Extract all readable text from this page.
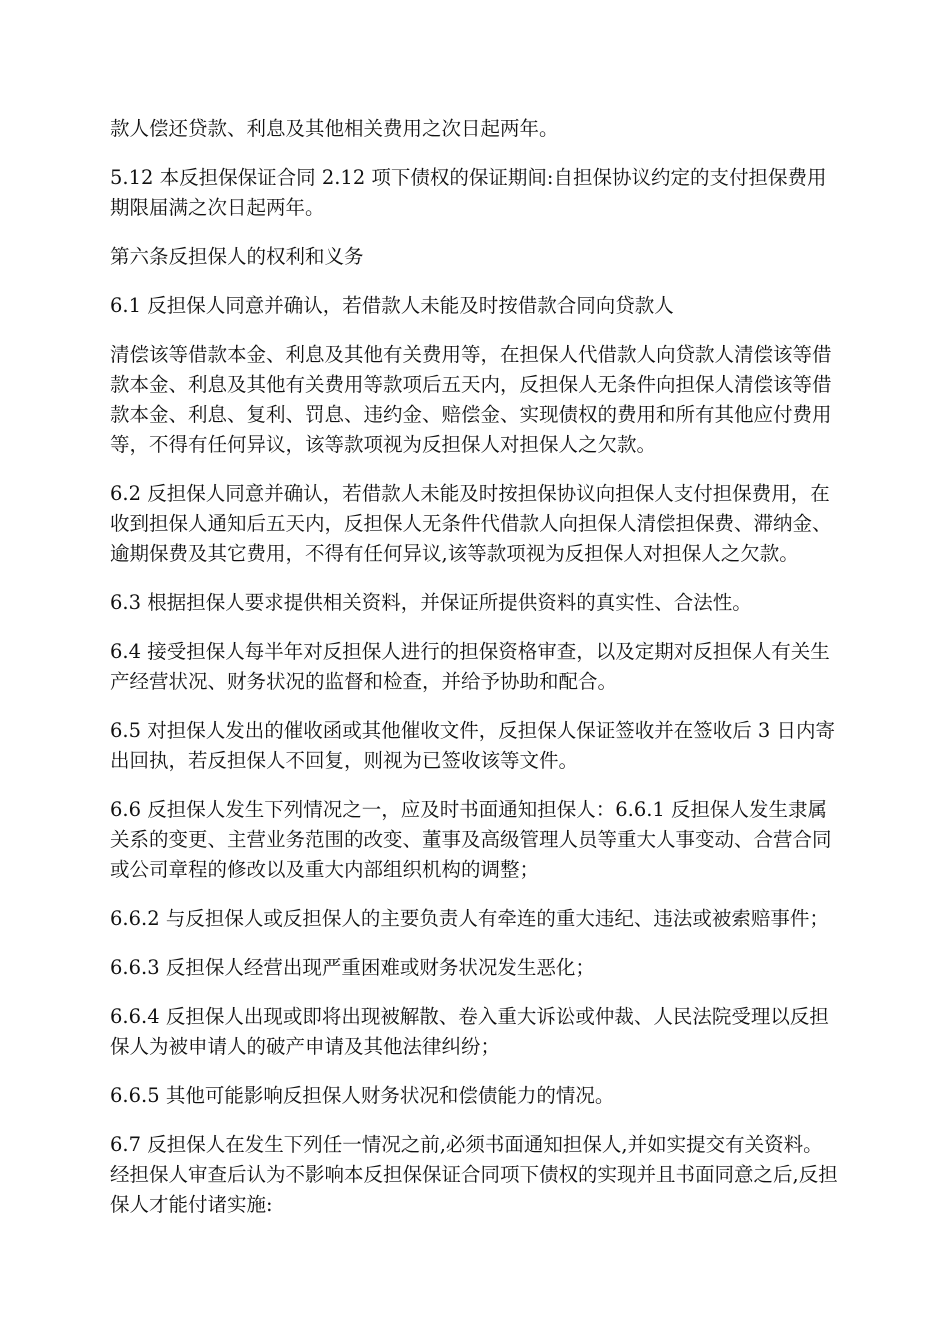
款人偿还贷款、利息及其他相关费用之次日起两年。

5.12 本反担保保证合同 2.12 项下债权的保证期间:自担保协议约定的支付担保费用期限届满之次日起两年。

第六条反担保人的权利和义务

6.1 反担保人同意并确认，若借款人未能及时按借款合同向贷款人

清偿该等借款本金、利息及其他有关费用等，在担保人代借款人向贷款人清偿该等借款本金、利息及其他有关费用等款项后五天内，反担保人无条件向担保人清偿该等借款本金、利息、复利、罚息、违约金、赔偿金、实现债权的费用和所有其他应付费用等，不得有任何异议，该等款项视为反担保人对担保人之欠款。

6.2 反担保人同意并确认，若借款人未能及时按担保协议向担保人支付担保费用，在收到担保人通知后五天内，反担保人无条件代借款人向担保人清偿担保费、滞纳金、逾期保费及其它费用，不得有任何异议,该等款项视为反担保人对担保人之欠款。

6.3 根据担保人要求提供相关资料，并保证所提供资料的真实性、合法性。

6.4 接受担保人每半年对反担保人进行的担保资格审查，以及定期对反担保人有关生产经营状况、财务状况的监督和检查，并给予协助和配合。

6.5 对担保人发出的催收函或其他催收文件，反担保人保证签收并在签收后 3 日内寄出回执，若反担保人不回复，则视为已签收该等文件。

6.6 反担保人发生下列情况之一，应及时书面通知担保人：6.6.1 反担保人发生隶属关系的变更、主营业务范围的改变、董事及高级管理人员等重大人事变动、合营合同或公司章程的修改以及重大内部组织机构的调整；

6.6.2 与反担保人或反担保人的主要负责人有牵连的重大违纪、违法或被索赔事件；

6.6.3 反担保人经营出现严重困难或财务状况发生恶化；

6.6.4 反担保人出现或即将出现被解散、卷入重大诉讼或仲裁、人民法院受理以反担保人为被申请人的破产申请及其他法律纠纷；

6.6.5 其他可能影响反担保人财务状况和偿债能力的情况。

6.7 反担保人在发生下列任一情况之前,必须书面通知担保人,并如实提交有关资料。经担保人审查后认为不影响本反担保保证合同项下债权的实现并且书面同意之后,反担保人才能付诸实施:
